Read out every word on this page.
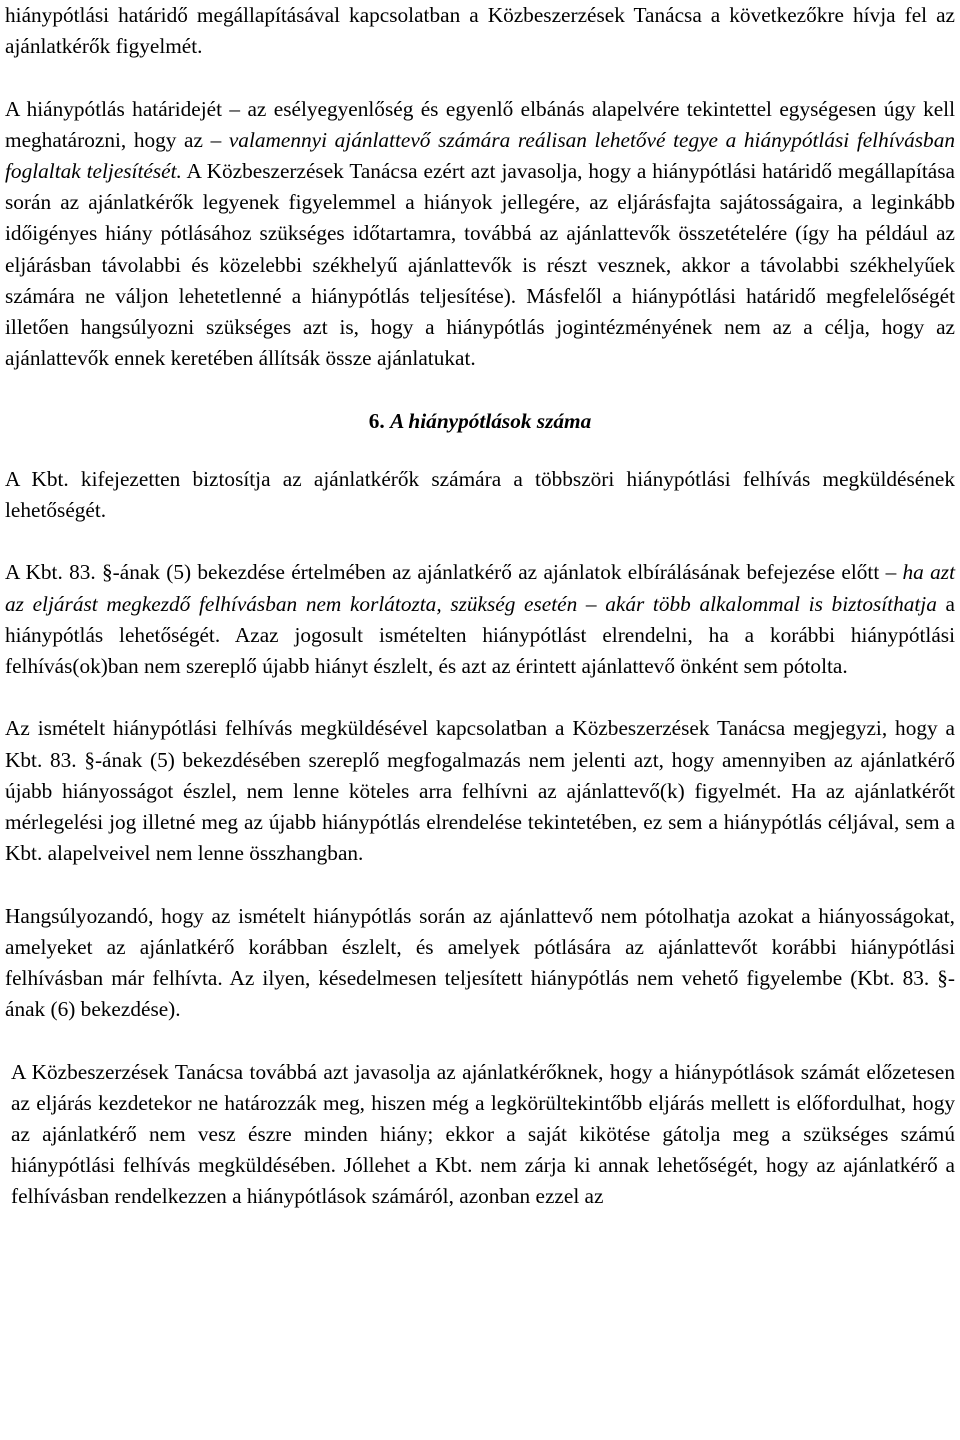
hiánypótlási határidő megállapításával kapcsolatban a Közbeszerzések Tanácsa a következőkre hívja fel az ajánlatkérők figyelmét.

A hiánypótlás határidejét – az esélyegyenlőség és egyenlő elbánás alapelvére tekintettel egységesen úgy kell meghatározni, hogy az – valamennyi ajánlattevő számára reálisan lehetővé tegye a hiánypótlási felhívásban foglaltak teljesítését. A Közbeszerzések Tanácsa ezért azt javasolja, hogy a hiánypótlási határidő megállapítása során az ajánlatkérők legyenek figyelemmel a hiányok jellegére, az eljárásfajta sajátosságaira, a leginkább időigényes hiány pótlásához szükséges időtartamra, továbbá az ajánlattevők összetételére (így ha például az eljárásban távolabbi és közelebbi székhelyű ajánlattevők is részt vesznek, akkor a távolabbi székhelyűek számára ne váljon lehetetlenné a hiánypótlás teljesítése). Másfelől a hiánypótlási határidő megfelelőségét illetően hangsúlyozni szükséges azt is, hogy a hiánypótlás jogintézményének nem az a célja, hogy az ajánlattevők ennek keretében állítsák össze ajánlatukat.

6. A hiánypótlások száma

A Kbt. kifejezetten biztosítja az ajánlatkérők számára a többszöri hiánypótlási felhívás megküldésének lehetőségét.

A Kbt. 83. §-ának (5) bekezdése értelmében az ajánlatkérő az ajánlatok elbírálásának befejezése előtt – ha azt az eljárást megkezdő felhívásban nem korlátozta, szükség esetén – akár több alkalommal is biztosíthatja a hiánypótlás lehetőségét. Azaz jogosult ismételten hiánypótlást elrendelni, ha a korábbi hiánypótlási felhívás(ok)ban nem szereplő újabb hiányt észlelt, és azt az érintett ajánlattevő önként sem pótolta.

Az ismételt hiánypótlási felhívás megküldésével kapcsolatban a Közbeszerzések Tanácsa megjegyzi, hogy a Kbt. 83. §-ának (5) bekezdésében szereplő megfogalmazás nem jelenti azt, hogy amennyiben az ajánlatkérő újabb hiányosságot észlel, nem lenne köteles arra felhívni az ajánlattevő(k) figyelmét. Ha az ajánlatkérőt mérlegelési jog illetné meg az újabb hiánypótlás elrendelése tekintetében, ez sem a hiánypótlás céljával, sem a Kbt. alapelveivel nem lenne összhangban.

Hangsúlyozandó, hogy az ismételt hiánypótlás során az ajánlattevő nem pótolhatja azokat a hiányosságokat, amelyeket az ajánlatkérő korábban észlelt, és amelyek pótlására az ajánlattevőt korábbi hiánypótlási felhívásban már felhívta. Az ilyen, késedelmesen teljesített hiánypótlás nem vehető figyelembe (Kbt. 83. §-ának (6) bekezdése).

A Közbeszerzések Tanácsa továbbá azt javasolja az ajánlatkérőknek, hogy a hiánypótlások számát előzetesen az eljárás kezdetekor ne határozzák meg, hiszen még a legkörültekintőbb eljárás mellett is előfordulhat, hogy az ajánlatkérő nem vesz észre minden hiány; ekkor a saját kikötése gátolja meg a szükséges számú hiánypótlási felhívás megküldésében. Jóllehet a Kbt. nem zárja ki annak lehetőségét, hogy az ajánlatkérő a felhívásban rendelkezzen a hiánypótlások számáról, azonban ezzel az
